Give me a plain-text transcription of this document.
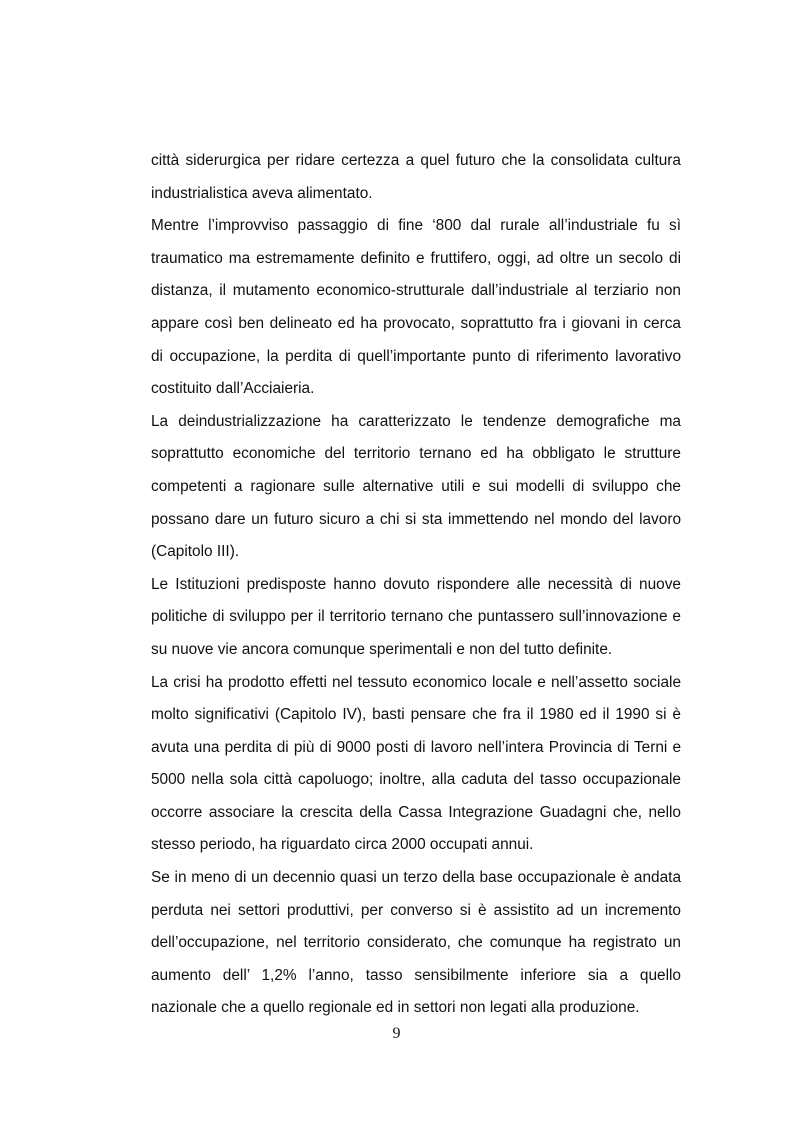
città siderurgica per ridare certezza a quel futuro che la consolidata cultura industrialistica aveva alimentato.

Mentre l’improvviso passaggio di fine ‘800 dal rurale all’industriale fu sì traumatico ma estremamente definito e fruttifero, oggi, ad oltre un secolo di distanza, il mutamento economico-strutturale dall’industriale al terziario non appare così ben delineato ed ha provocato, soprattutto fra i giovani in cerca di occupazione, la perdita di quell’importante punto di riferimento lavorativo costituito dall’Acciaieria.

La deindustrializzazione ha caratterizzato le tendenze demografiche ma soprattutto economiche del territorio ternano ed ha obbligato le strutture competenti a ragionare sulle alternative utili e sui modelli di sviluppo che possano dare un futuro sicuro a chi si sta immettendo nel mondo del lavoro (Capitolo III).

Le Istituzioni predisposte hanno dovuto rispondere alle necessità di nuove politiche di sviluppo per il territorio ternano che puntassero sull’innovazione e su nuove vie ancora comunque sperimentali e non del tutto definite.

La crisi ha prodotto effetti nel tessuto economico locale e nell’assetto sociale molto significativi (Capitolo IV), basti pensare che fra il 1980 ed il 1990 si è avuta una perdita di più di 9000 posti di lavoro nell’intera Provincia di Terni e 5000 nella sola città capoluogo; inoltre, alla caduta del tasso occupazionale occorre associare la crescita della Cassa Integrazione Guadagni che, nello stesso periodo, ha riguardato circa 2000 occupati annui.

Se in meno di un decennio quasi un terzo della base occupazionale è andata perduta nei settori produttivi, per converso si è assistito ad un incremento dell’occupazione, nel territorio considerato, che comunque ha registrato un aumento dell’ 1,2% l’anno, tasso sensibilmente inferiore sia a quello nazionale che a quello regionale ed in settori non legati alla produzione.

9
